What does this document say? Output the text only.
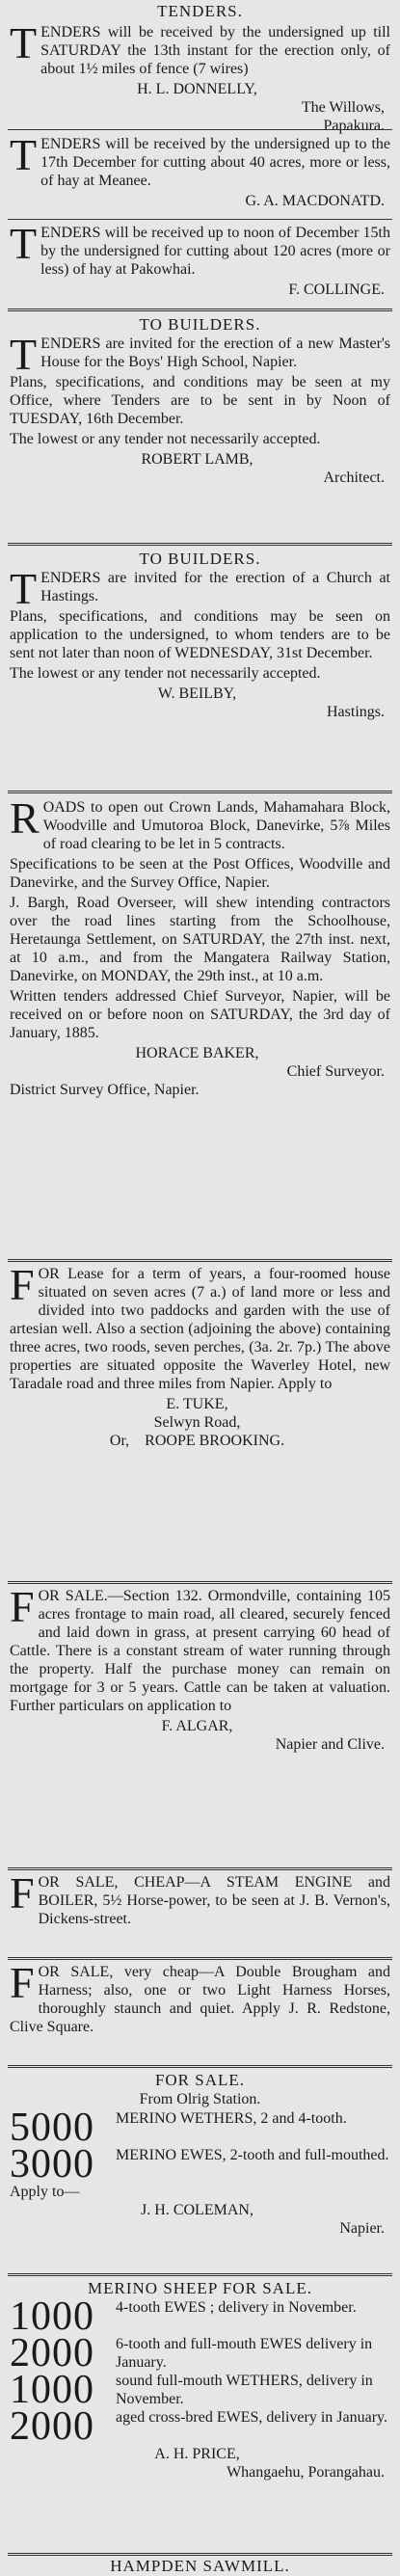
TENDERS.

TENDERS will be received by the undersigned up till SATURDAY the 13th instant for the erection only, of about 1½ miles of fence (7 wires)

H. L. DONNELLY,
The Willows,
Papakura.

TENDERS will be received by the undersigned up to the 17th December for cutting about 40 acres, more or less, of hay at Meanee.

G. A. MACDONATD.

TENDERS will be received up to noon of December 15th by the undersigned for cutting about 120 acres (more or less) of hay at Pakowhai.

F. COLLINGE.
TO BUILDERS.

TENDERS are invited for the erection of a new Master's House for the Boys' High School, Napier.

Plans, specifications, and conditions may be seen at my Office, where Tenders are to be sent in by Noon of TUESDAY, 16th December.

The lowest or any tender not necessarily accepted.

ROBERT LAMB,
Architect.
TO BUILDERS.

TENDERS are invited for the erection of a Church at Hastings.

Plans, specifications, and conditions may be seen on application to the undersigned, to whom tenders are to be sent not later than noon of WEDNESDAY, 31st December.

The lowest or any tender not necessarily accepted.

W. BEILBY,
Hastings.

ROADS to open out Crown Lands, Mahamahara Block, Woodville and Umutoroa Block, Danevirke, 5⅞ Miles of road clearing to be let in 5 contracts.

Specifications to be seen at the Post Offices, Woodville and Danevirke, and the Survey Office, Napier.

J. Bargh, Road Overseer, will shew intending contractors over the road lines starting from the Schoolhouse, Heretaunga Settlement, on SATURDAY, the 27th inst. next, at 10 a.m., and from the Mangatera Railway Station, Danevirke, on MONDAY, the 29th inst., at 10 a.m.

Written tenders addressed Chief Surveyor, Napier, will be received on or before noon on SATURDAY, the 3rd day of January, 1885.

HORACE BAKER,
Chief Surveyor.
District Survey Office, Napier.

FOR Lease for a term of years, a four-roomed house situated on seven acres (7 a.) of land more or less and divided into two paddocks and garden with the use of artesian well. Also a section (adjoining the above) containing three acres, two roods, seven perches, (3a. 2r. 7p.) The above properties are situated opposite the Waverley Hotel, new Taradale road and three miles from Napier. Apply to

E. TUKE,
Selwyn Road,
Or, ROOPE BROOKING.

FOR SALE.—Section 132. Ormondville, containing 105 acres frontage to main road, all cleared, securely fenced and laid down in grass, at present carrying 60 head of Cattle. There is a constant stream of water running through the property. Half the purchase money can remain on mortgage for 3 or 5 years. Cattle can be taken at valuation. Further particulars on application to

F. ALGAR,
Napier and Clive.

FOR SALE, CHEAP—A STEAM ENGINE and BOILER, 5½ Horse-power, to be seen at J. B. Vernon's, Dickens-street.

FOR SALE, very cheap—A Double Brougham and Harness; also, one or two Light Harness Horses, thoroughly staunch and quiet. Apply J. R. Redstone, Clive Square.

FOR SALE.
From Olrig Station.
5000	MERINO WETHERS, 2 and 4-tooth.
3000	MERINO EWES, 2-tooth and full-mouthed.
Apply to—
J. H. COLEMAN,
Napier.
MERINO SHEEP FOR SALE.
1000	4-tooth EWES ; delivery in November.
2000	6-tooth and full-mouth EWES delivery in January.
1000	sound full-mouth WETHERS, delivery in November.
2000	aged cross-bred EWES, delivery in January.
A. H. PRICE,
Whangaehu, Porangahau.
HAMPDEN SAWMILL.
